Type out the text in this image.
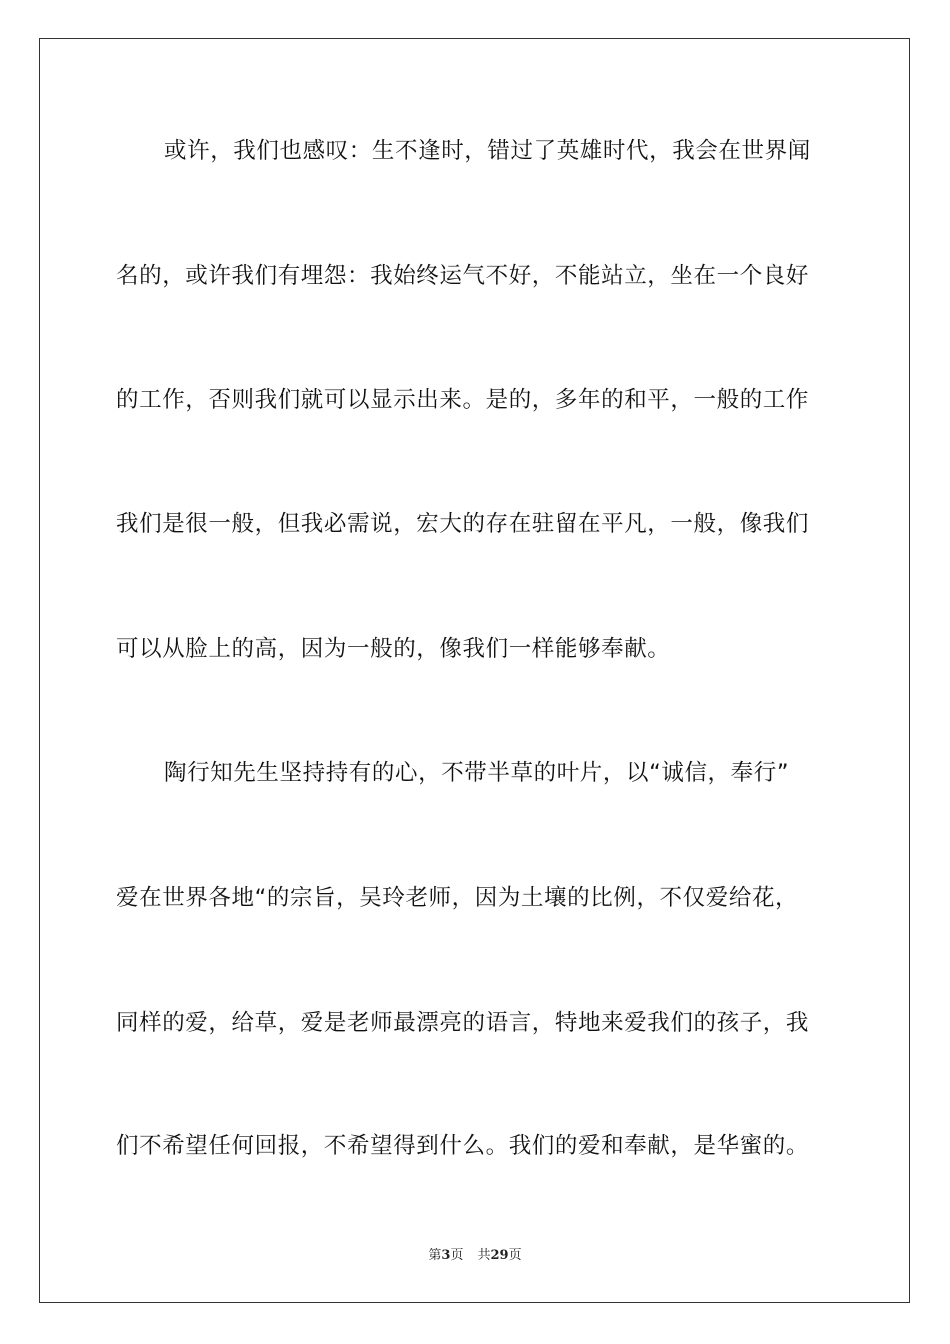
或许，我们也感叹：生不逢时，错过了英雄时代，我会在世界闻
名的，或许我们有埋怨：我始终运气不好，不能站立，坐在一个良好
的工作，否则我们就可以显示出来。是的，多年的和平，一般的工作
我们是很一般，但我必需说，宏大的存在驻留在平凡，一般，像我们
可以从脸上的高，因为一般的，像我们一样能够奉献。
陶行知先生坚持持有的心，不带半草的叶片，以“诚信，奉行”
爱在世界各地“的宗旨，吴玲老师，因为土壤的比例，不仅爱给花，
同样的爱，给草，爱是老师最漂亮的语言，特地来爱我们的孩子，我
们不希望任何回报，不希望得到什么。我们的爱和奉献，是华蜜的。
第3页 共29页
